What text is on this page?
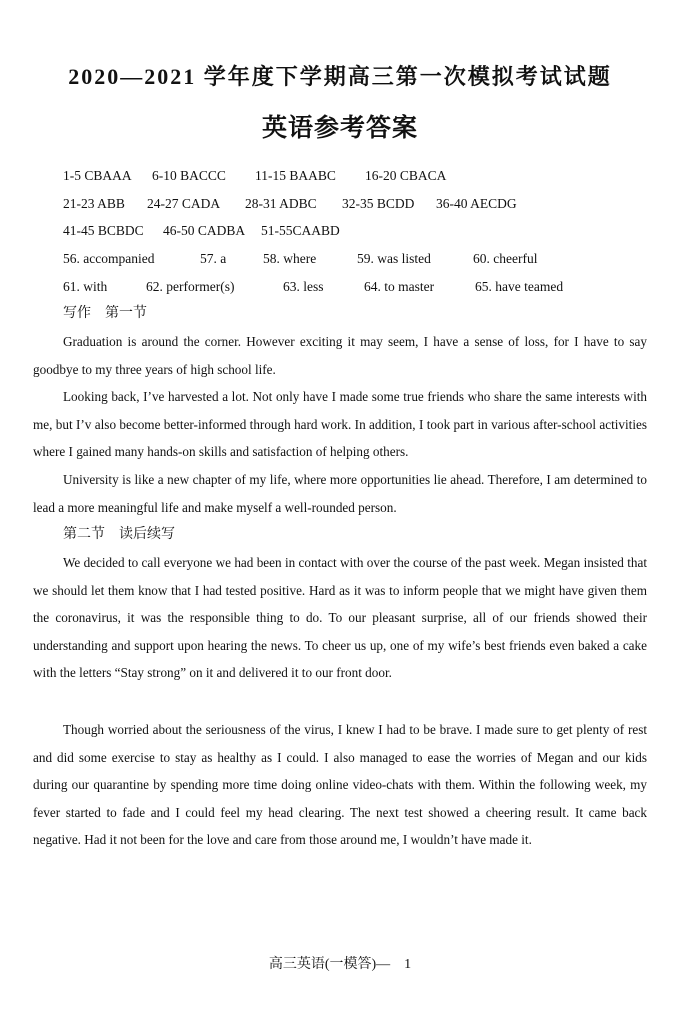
2020—2021 学年度下学期高三第一次模拟考试试题
英语参考答案
1-5 CBAAA 6-10 BACCC 11-15 BAABC 16-20 CBACA
21-23 ABB 24-27 CADA 28-31 ADBC 32-35 BCDD 36-40 AECDG
41-45 BCBDC 46-50 CADBA 51-55CAABD
56. accompanied	57. a	58. where	59. was listed	60. cheerful
61. with	62. performer(s)	63. less	64. to master	65. have teamed
写作　第一节

Graduation is around the corner. However exciting it may seem, I have a sense of loss, for I have to say goodbye to my three years of high school life.

Looking back, I’ve harvested a lot. Not only have I made some true friends who share the same interests with me, but I’v also become better-informed through hard work. In addition, I took part in various after-school activities where I gained many hands-on skills and satisfaction of helping others.

University is like a new chapter of my life, where more opportunities lie ahead. Therefore, I am determined to lead a more meaningful life and make myself a well-rounded person.

第二节　读后续写

We decided to call everyone we had been in contact with over the course of the past week. Megan insisted that we should let them know that I had tested positive. Hard as it was to inform people that we might have given them the coronavirus, it was the responsible thing to do. To our pleasant surprise, all of our friends showed their understanding and support upon hearing the news. To cheer us up, one of my wife’s best friends even baked a cake with the letters “Stay strong” on it and delivered it to our front door.

Though worried about the seriousness of the virus, I knew I had to be brave. I made sure to get plenty of rest and did some exercise to stay as healthy as I could. I also managed to ease the worries of Megan and our kids during our quarantine by spending more time doing online video-chats with them. Within the following week, my fever started to fade and I could feel my head clearing. The next test showed a cheering result. It came back negative. Had it not been for the love and care from those around me, I wouldn’t have made it.

高三英语(一模答)—　1
